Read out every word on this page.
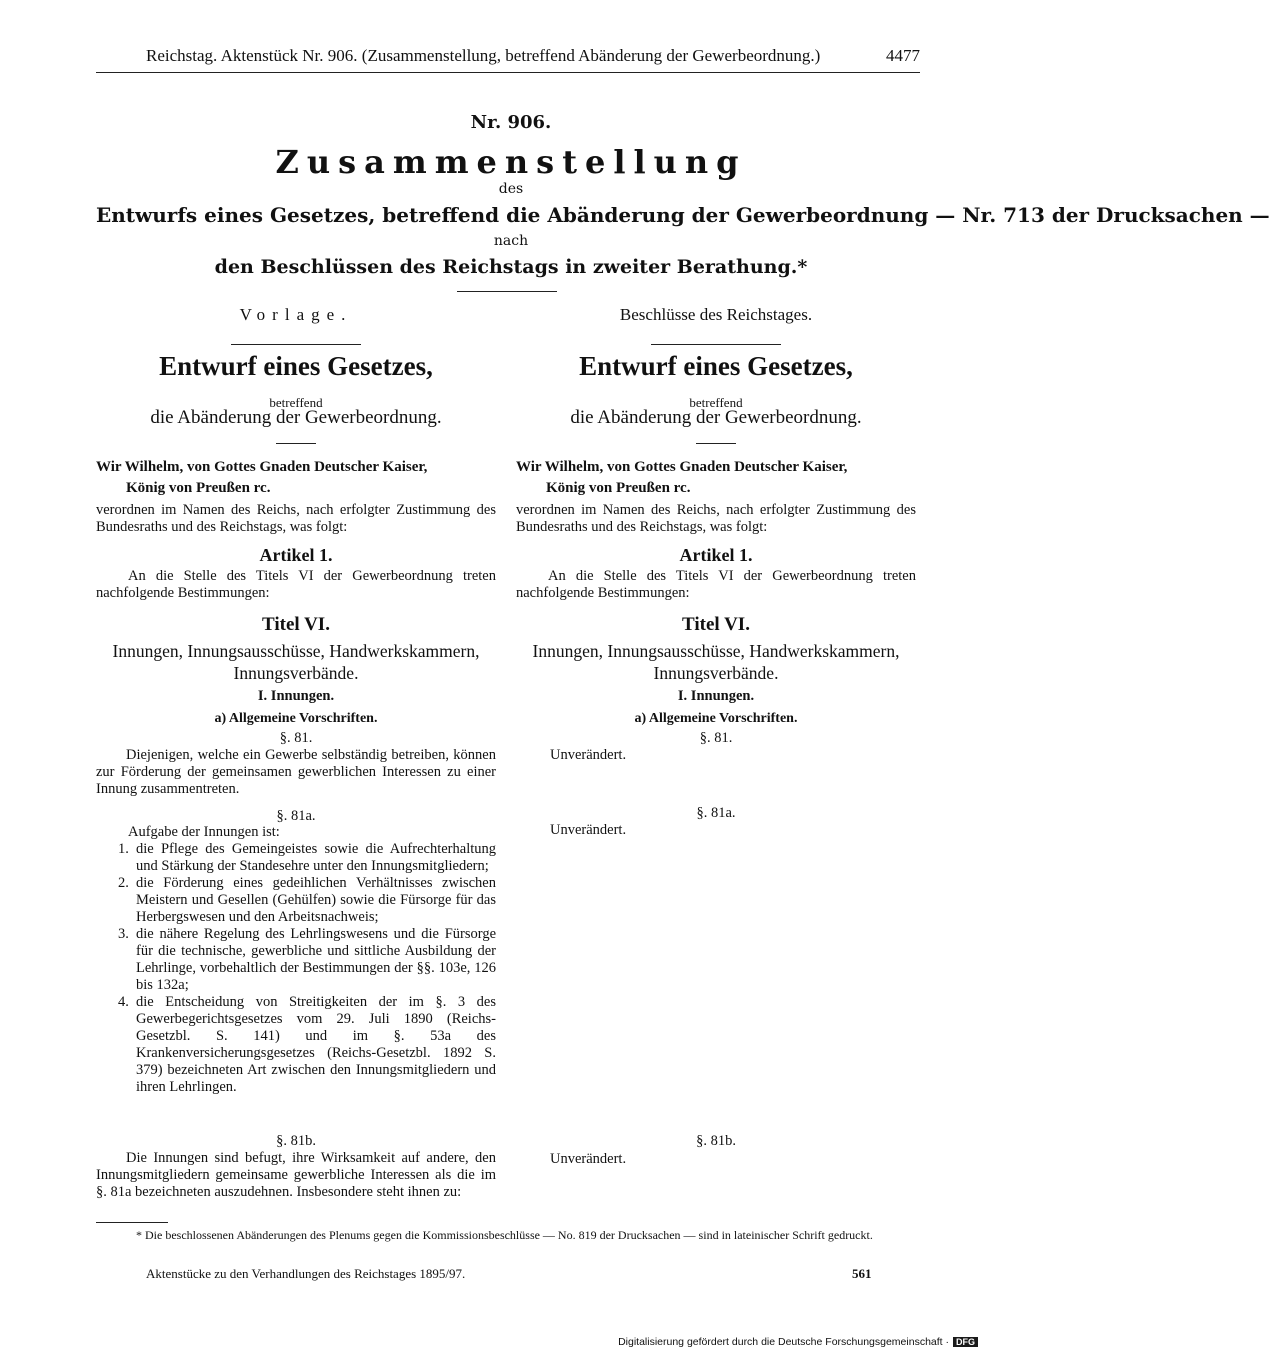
Reichstag. Aktenstück Nr. 906. (Zusammenstellung, betreffend Abänderung der Gewerbeordnung.)	4477
Nr. 906.
Zusammenstellung
des
Entwurfs eines Gesetzes, betreffend die Abänderung der Gewerbeordnung — Nr. 713 der Drucksachen —
nach
den Beschlüssen des Reichstags in zweiter Berathung.*
Vorlage.
Entwurf eines Gesetzes,
betreffend
die Abänderung der Gewerbeordnung.
Wir Wilhelm, von Gottes Gnaden Deutscher Kaiser,
König von Preußen rc.
verordnen im Namen des Reichs, nach erfolgter Zustimmung des Bundesraths und des Reichstags, was folgt:
Artikel 1.
An die Stelle des Titels VI der Gewerbeordnung treten nachfolgende Bestimmungen:
Titel VI.
Innungen, Innungsausschüsse, Handwerkskammern, Innungsverbände.
I. Innungen.
a) Allgemeine Vorschriften.
§. 81.
Diejenigen, welche ein Gewerbe selbständig betreiben, können zur Förderung der gemeinsamen gewerblichen Interessen zu einer Innung zusammentreten.
§. 81a.
Aufgabe der Innungen ist:
1. die Pflege des Gemeingeistes sowie die Aufrechterhaltung und Stärkung der Standesehre unter den Innungsmitgliedern;
2. die Förderung eines gedeihlichen Verhältnisses zwischen Meistern und Gesellen (Gehülfen) sowie die Fürsorge für das Herbergswesen und den Arbeitsnachweis;
3. die nähere Regelung des Lehrlingswesens und die Fürsorge für die technische, gewerbliche und sittliche Ausbildung der Lehrlinge, vorbehaltlich der Bestimmungen der §§. 103e, 126 bis 132a;
4. die Entscheidung von Streitigkeiten der im §. 3 des Gewerbegerichtsgesetzes vom 29. Juli 1890 (Reichs-Gesetzbl. S. 141) und im §. 53a des Krankenversicherungsgesetzes (Reichs-Gesetzbl. 1892 S. 379) bezeichneten Art zwischen den Innungsmitgliedern und ihren Lehrlingen.
§. 81b.
Die Innungen sind befugt, ihre Wirksamkeit auf andere, den Innungsmitgliedern gemeinsame gewerbliche Interessen als die im §. 81a bezeichneten auszudehnen. Insbesondere steht ihnen zu:
Beschlüsse des Reichstages.
Entwurf eines Gesetzes,
betreffend
die Abänderung der Gewerbeordnung.
Wir Wilhelm, von Gottes Gnaden Deutscher Kaiser,
König von Preußen rc.
verordnen im Namen des Reichs, nach erfolgter Zustimmung des Bundesraths und des Reichstags, was folgt:
Artikel 1.
An die Stelle des Titels VI der Gewerbeordnung treten nachfolgende Bestimmungen:
Titel VI.
Innungen, Innungsausschüsse, Handwerkskammern, Innungsverbände.
I. Innungen.
a) Allgemeine Vorschriften.
§. 81.
Unverändert.
§. 81a.
Unverändert.
§. 81b.
Unverändert.
* Die beschlossenen Abänderungen des Plenums gegen die Kommissionsbeschlüsse — No. 819 der Drucksachen — sind in lateinischer Schrift gedruckt.
Aktenstücke zu den Verhandlungen des Reichstages 1895/97.	561
Digitalisierung gefördert durch die Deutsche Forschungsgemeinschaft · DFG
